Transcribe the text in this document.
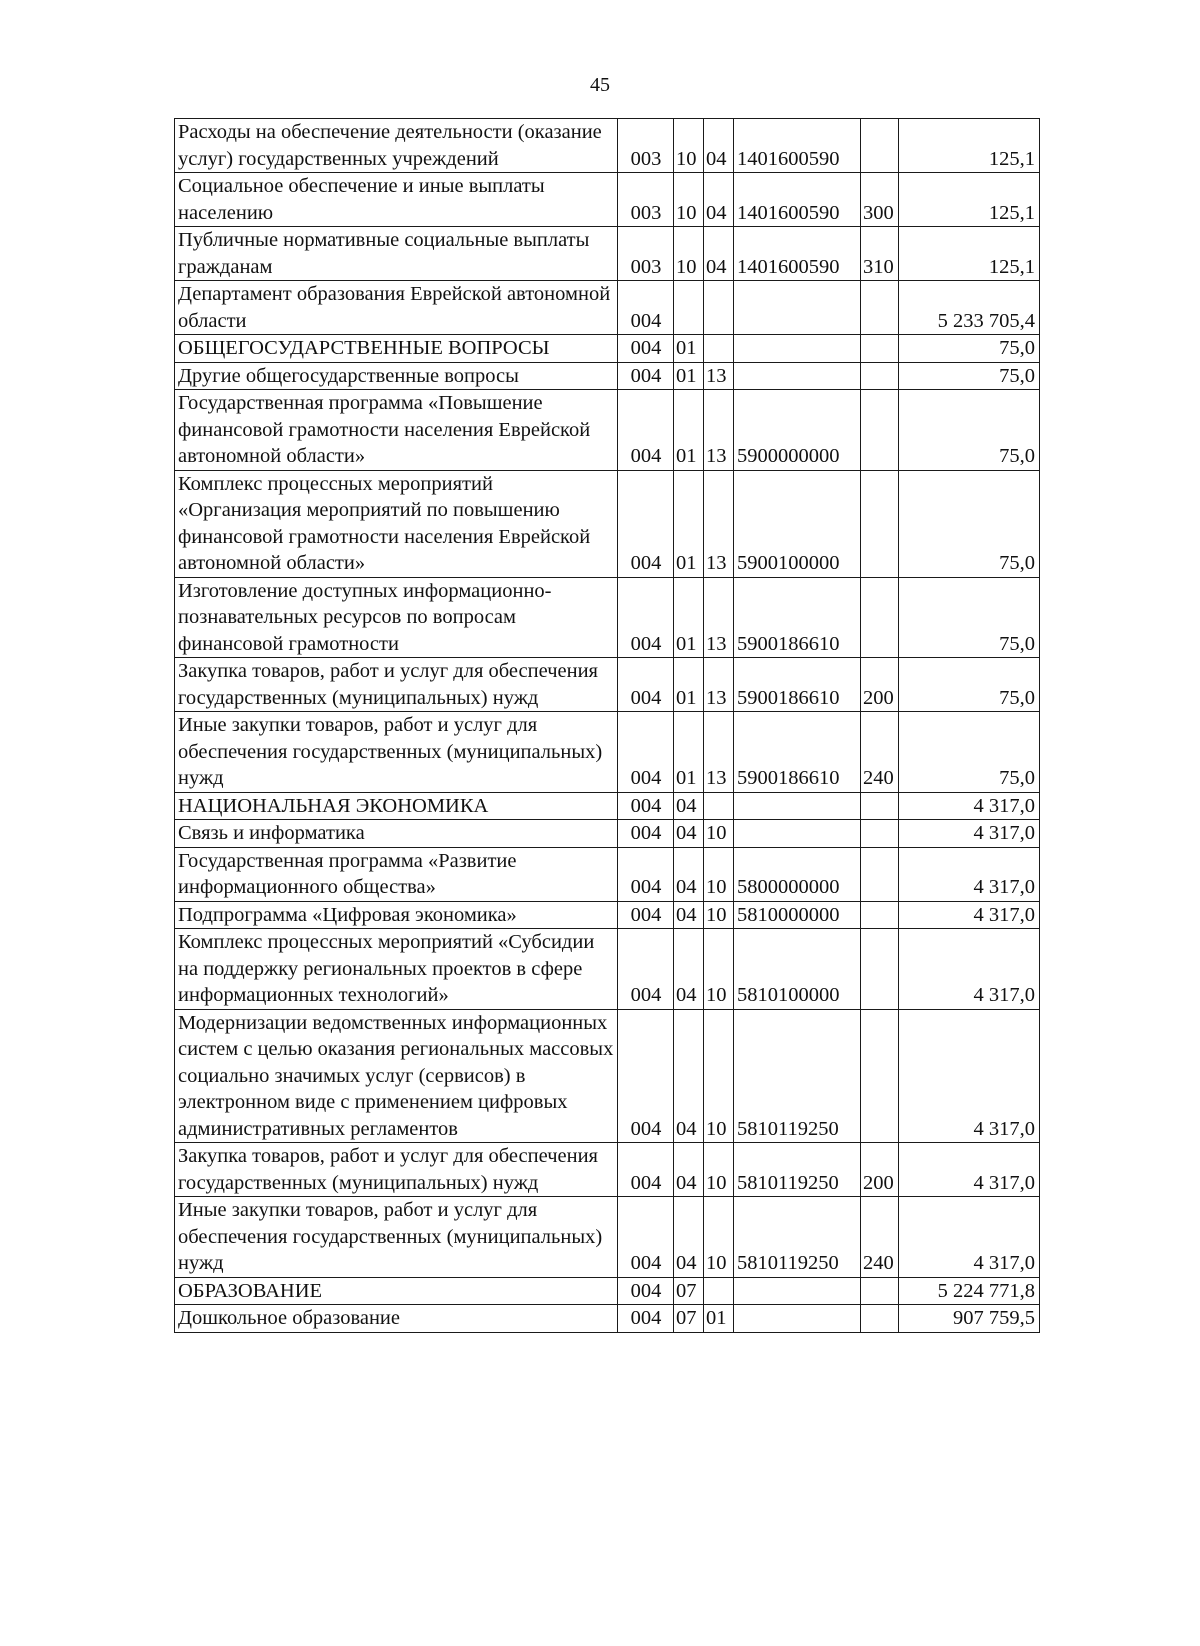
45
Расходы на обеспечение деятельности (оказание услуг) государственных учреждений	003	10	04	1401600590		125,1
Социальное обеспечение и иные выплаты населению	003	10	04	1401600590	300	125,1
Публичные нормативные социальные выплаты гражданам	003	10	04	1401600590	310	125,1
Департамент образования Еврейской автономной области	004					5 233 705,4
ОБЩЕГОСУДАРСТВЕННЫЕ ВОПРОСЫ	004	01				75,0
Другие общегосударственные вопросы	004	01	13			75,0
Государственная программа «Повышение финансовой грамотности населения Еврейской автономной области»	004	01	13	5900000000		75,0
Комплекс процессных мероприятий «Организация мероприятий по повышению финансовой грамотности населения Еврейской автономной области»	004	01	13	5900100000		75,0
Изготовление доступных информационно-познавательных ресурсов по вопросам финансовой грамотности	004	01	13	5900186610		75,0
Закупка товаров, работ и услуг для обеспечения государственных (муниципальных) нужд	004	01	13	5900186610	200	75,0
Иные закупки товаров, работ и услуг для обеспечения государственных (муниципальных) нужд	004	01	13	5900186610	240	75,0
НАЦИОНАЛЬНАЯ ЭКОНОМИКА	004	04				4 317,0
Связь и информатика	004	04	10			4 317,0
Государственная программа «Развитие информационного общества»	004	04	10	5800000000		4 317,0
Подпрограмма «Цифровая экономика»	004	04	10	5810000000		4 317,0
Комплекс процессных мероприятий «Субсидии на поддержку региональных проектов в сфере информационных технологий»	004	04	10	5810100000		4 317,0
Модернизации ведомственных информационных систем с целью оказания региональных массовых социально значимых услуг (сервисов) в электронном виде с применением цифровых административных регламентов	004	04	10	5810119250		4 317,0
Закупка товаров, работ и услуг для обеспечения государственных (муниципальных) нужд	004	04	10	5810119250	200	4 317,0
Иные закупки товаров, работ и услуг для обеспечения государственных (муниципальных) нужд	004	04	10	5810119250	240	4 317,0
ОБРАЗОВАНИЕ	004	07				5 224 771,8
Дошкольное образование	004	07	01			907 759,5
